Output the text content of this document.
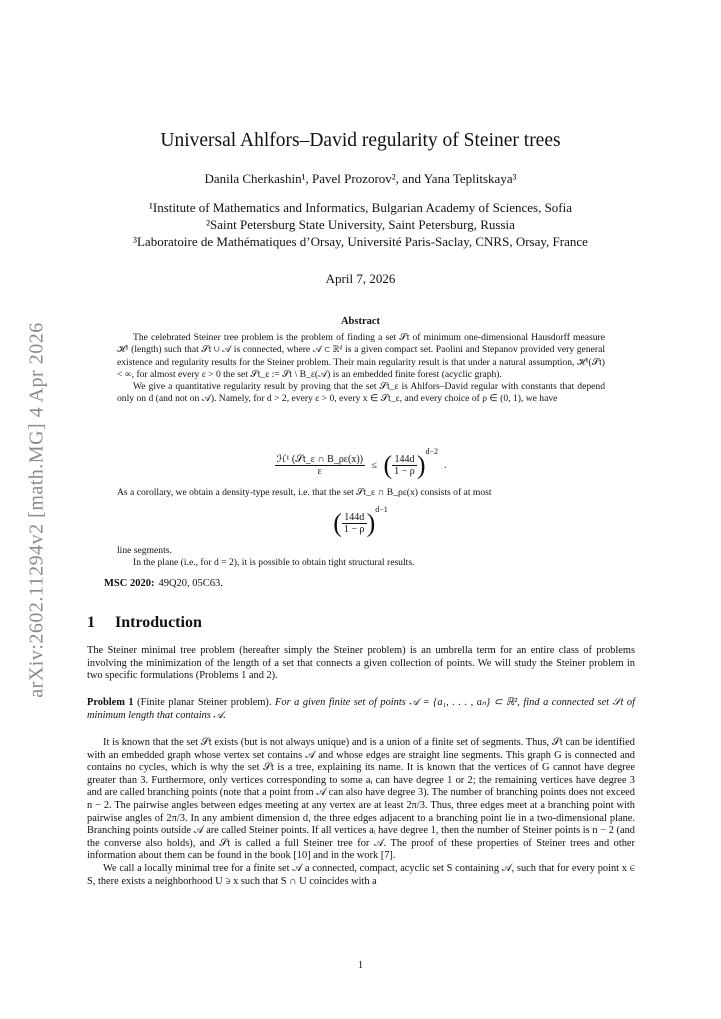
arXiv:2602.11294v2 [math.MG] 4 Apr 2026
Universal Ahlfors–David regularity of Steiner trees
Danila Cherkashin¹, Pavel Prozorov², and Yana Teplitskaya³
¹Institute of Mathematics and Informatics, Bulgarian Academy of Sciences, Sofia
²Saint Petersburg State University, Saint Petersburg, Russia
³Laboratoire de Mathématiques d’Orsay, Université Paris-Saclay, CNRS, Orsay, France
April 7, 2026
Abstract

The celebrated Steiner tree problem is the problem of finding a set 𝒮t of minimum one-dimensional Hausdorff measure ℋ¹ (length) such that 𝒮t ∪ 𝒜 is connected, where 𝒜 ⊂ ℝᵈ is a given compact set. Paolini and Stepanov provided very general existence and regularity results for the Steiner problem. Their main regularity result is that under a natural assumption, ℋ¹(𝒮t) < ∞, for almost every ε > 0 the set 𝒮t_ε := 𝒮t \ B_ε(𝒜) is an embedded finite forest (acyclic graph).

We give a quantitative regularity result by proving that the set 𝒮t_ε is Ahlfors–David regular with constants that depend only on d (and not on 𝒜). Namely, for d > 2, every ε > 0, every x ∈ 𝒮t_ε, and every choice of ρ ∈ (0, 1), we have

$\frac{\text{ℋ¹ (𝒮t\_ε ∩ B\_ρε(x))}}{\varepsilon}$ ≤ ( $\frac{144d}{1 - \rho} )^{d-2}$.

As a corollary, we obtain a density-type result, i.e. that the set 𝒮t_ε ∩ B_ρε(x) consists of at most

( $\frac{144d}{1 - \rho} )^{d-1}$

line segments.

In the plane (i.e., for d = 2), it is possible to obtain tight structural results.

MSC 2020: 49Q20, 05C63.
1 Introduction

The Steiner minimal tree problem (hereafter simply the Steiner problem) is an umbrella term for an entire class of problems involving the minimization of the length of a set that connects a given collection of points. We will study the Steiner problem in two specific formulations (Problems 1 and 2).

Problem 1 (Finite planar Steiner problem). For a given finite set of points 𝒜 = {a₁, . . . , aₙ} ⊂ ℝ², find a connected set 𝒮t of minimum length that contains 𝒜.

It is known that the set 𝒮t exists (but is not always unique) and is a union of a finite set of segments. Thus, 𝒮t can be identified with an embedded graph whose vertex set contains 𝒜 and whose edges are straight line segments. This graph G is connected and contains no cycles, which is why the set 𝒮t is a tree, explaining its name. It is known that the vertices of G cannot have degree greater than 3. Furthermore, only vertices corresponding to some aᵢ can have degree 1 or 2; the remaining vertices have degree 3 and are called branching points (note that a point from 𝒜 can also have degree 3). The number of branching points does not exceed n − 2. The pairwise angles between edges meeting at any vertex are at least 2π/3. Thus, three edges meet at a branching point with pairwise angles of 2π/3. In any ambient dimension d, the three edges adjacent to a branching point lie in a two-dimensional plane. Branching points outside 𝒜 are called Steiner points. If all vertices aᵢ have degree 1, then the number of Steiner points is n − 2 (and the converse also holds), and 𝒮t is called a full Steiner tree for 𝒜. The proof of these properties of Steiner trees and other information about them can be found in the book [10] and in the work [7].

We call a locally minimal tree for a finite set 𝒜 a connected, compact, acyclic set S containing 𝒜, such that for every point x ∈ S, there exists a neighborhood U ∋ x such that S ∩ U coincides with a

1
